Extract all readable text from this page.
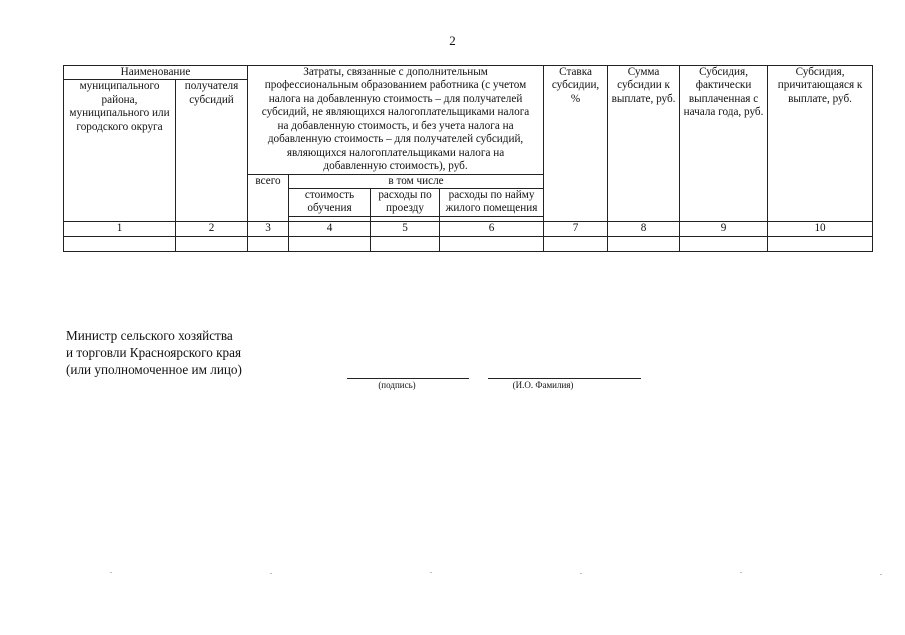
2
Наименование		Затраты, связанные с дополнительным профессиональным образованием работника (с учетом налога на добавленную стоимость – для получателей субсидий, не являющихся налогоплательщиками налога на добавленную стоимость, и без учета налога на добавленную стоимость – для получателей субсидий, являющихся налогоплательщиками налога на добавленную стоимость), руб.				Ставка субсидии, %	Сумма субсидии к выплате, руб.	Субсидия, фактически выплаченная с начала года, руб.	Субсидия, причитающаяся к выплате, руб.
муниципального района, муниципального или городского округа	получателя субсидий								
		всего	в том числе						
			стоимость обучения	расходы по проезду	расходы по найму жилого помещения				

1	2	3	4	5	6	7	8	9	10

Министр сельского хозяйства
и торговли Красноярского края
(или уполномоченное им лицо)
(подпись)	(И.О. Фамилия)
